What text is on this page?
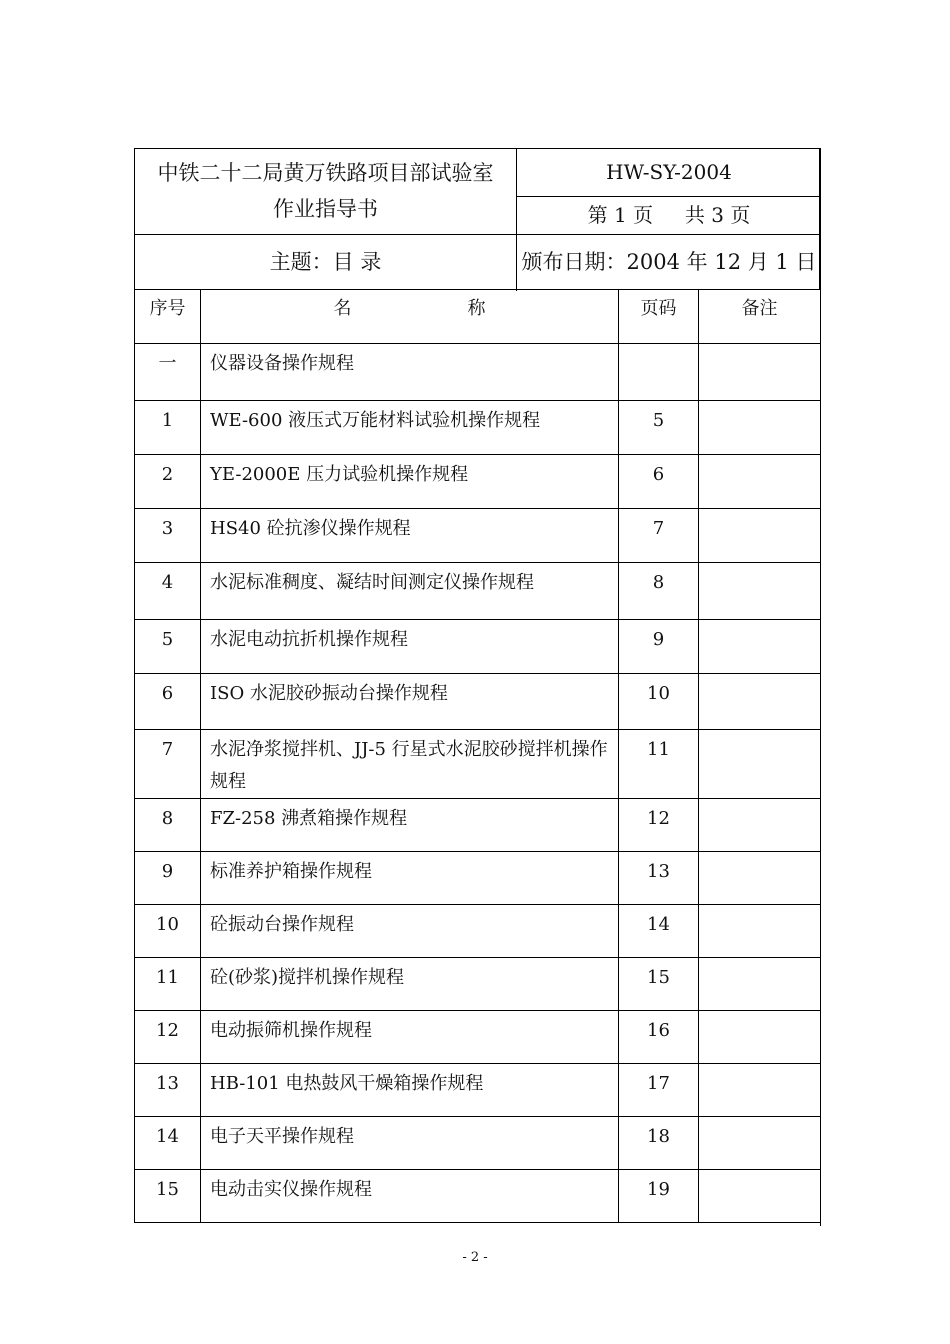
中铁二十二局黄万铁路项目部试验室
作业指导书
HW-SY-2004
第 1 页     共 3 页
主题：目 录	颁布日期：2004 年 12 月 1 日
序号	名 称	页码	备注
一	仪器设备操作规程		
1	WE-600 液压式万能材料试验机操作规程	5	
2	YE-2000E 压力试验机操作规程	6	
3	HS40 砼抗渗仪操作规程	7	
4	水泥标准稠度、凝结时间测定仪操作规程	8	
5	水泥电动抗折机操作规程	9	
6	ISO 水泥胶砂振动台操作规程	10	
7	水泥净浆搅拌机、JJ-5 行星式水泥胶砂搅拌机操作规程	11	
8	FZ-258 沸煮箱操作规程	12	
9	标准养护箱操作规程	13	
10	砼振动台操作规程	14	
11	砼(砂浆)搅拌机操作规程	15	
12	电动振筛机操作规程	16	
13	HB-101 电热鼓风干燥箱操作规程	17	
14	电子天平操作规程	18	
15	电动击实仪操作规程	19	
- 2 -
